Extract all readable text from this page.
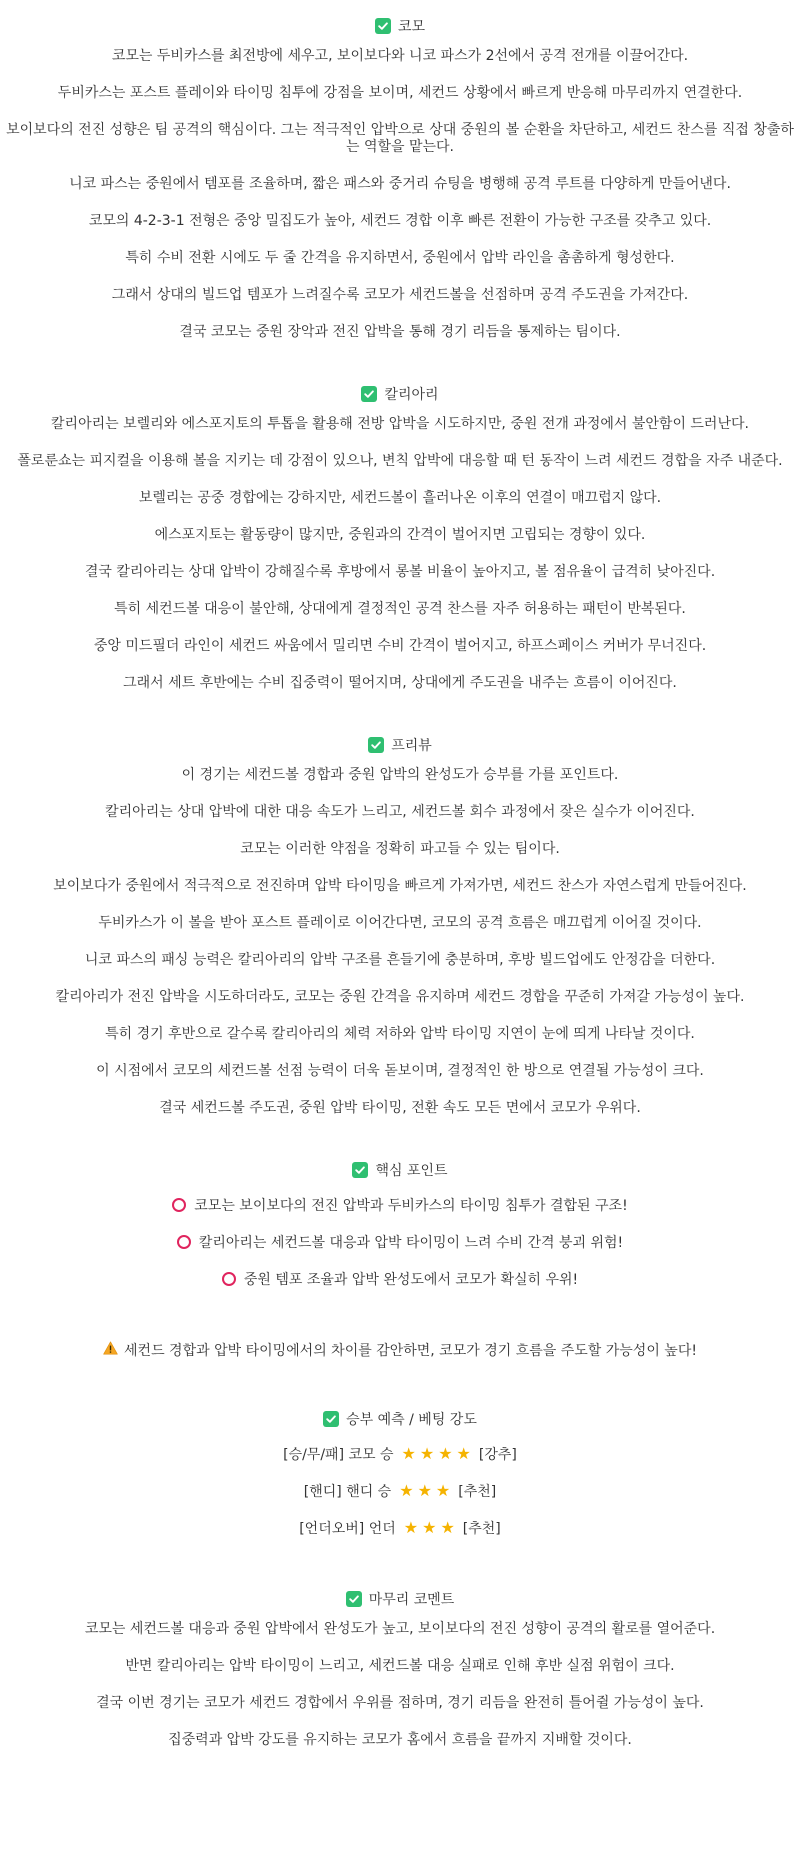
코모

코모는 두비카스를 최전방에 세우고, 보이보다와 니코 파스가 2선에서 공격 전개를 이끌어간다.

두비카스는 포스트 플레이와 타이밍 침투에 강점을 보이며, 세컨드 상황에서 빠르게 반응해 마무리까지 연결한다.

보이보다의 전진 성향은 팀 공격의 핵심이다. 그는 적극적인 압박으로 상대 중원의 볼 순환을 차단하고, 세컨드 찬스를 직접 창출하는 역할을 맡는다.

니코 파스는 중원에서 템포를 조율하며, 짧은 패스와 중거리 슈팅을 병행해 공격 루트를 다양하게 만들어낸다.

코모의 4-2-3-1 전형은 중앙 밀집도가 높아, 세컨드 경합 이후 빠른 전환이 가능한 구조를 갖추고 있다.

특히 수비 전환 시에도 두 줄 간격을 유지하면서, 중원에서 압박 라인을 촘촘하게 형성한다.

그래서 상대의 빌드업 템포가 느려질수록 코모가 세컨드볼을 선점하며 공격 주도권을 가져간다.

결국 코모는 중원 장악과 전진 압박을 통해 경기 리듬을 통제하는 팀이다.

칼리아리

칼리아리는 보렐리와 에스포지토의 투톱을 활용해 전방 압박을 시도하지만, 중원 전개 과정에서 불안함이 드러난다.

폴로룬쇼는 피지컬을 이용해 볼을 지키는 데 강점이 있으나, 변칙 압박에 대응할 때 턴 동작이 느려 세컨드 경합을 자주 내준다.

보렐리는 공중 경합에는 강하지만, 세컨드볼이 흘러나온 이후의 연결이 매끄럽지 않다.

에스포지토는 활동량이 많지만, 중원과의 간격이 벌어지면 고립되는 경향이 있다.

결국 칼리아리는 상대 압박이 강해질수록 후방에서 롱볼 비율이 높아지고, 볼 점유율이 급격히 낮아진다.

특히 세컨드볼 대응이 불안해, 상대에게 결정적인 공격 찬스를 자주 허용하는 패턴이 반복된다.

중앙 미드필더 라인이 세컨드 싸움에서 밀리면 수비 간격이 벌어지고, 하프스페이스 커버가 무너진다.

그래서 세트 후반에는 수비 집중력이 떨어지며, 상대에게 주도권을 내주는 흐름이 이어진다.

프리뷰

이 경기는 세컨드볼 경합과 중원 압박의 완성도가 승부를 가를 포인트다.

칼리아리는 상대 압박에 대한 대응 속도가 느리고, 세컨드볼 회수 과정에서 잦은 실수가 이어진다.

코모는 이러한 약점을 정확히 파고들 수 있는 팀이다.

보이보다가 중원에서 적극적으로 전진하며 압박 타이밍을 빠르게 가져가면, 세컨드 찬스가 자연스럽게 만들어진다.

두비카스가 이 볼을 받아 포스트 플레이로 이어간다면, 코모의 공격 흐름은 매끄럽게 이어질 것이다.

니코 파스의 패싱 능력은 칼리아리의 압박 구조를 흔들기에 충분하며, 후방 빌드업에도 안정감을 더한다.

칼리아리가 전진 압박을 시도하더라도, 코모는 중원 간격을 유지하며 세컨드 경합을 꾸준히 가져갈 가능성이 높다.

특히 경기 후반으로 갈수록 칼리아리의 체력 저하와 압박 타이밍 지연이 눈에 띄게 나타날 것이다.

이 시점에서 코모의 세컨드볼 선점 능력이 더욱 돋보이며, 결정적인 한 방으로 연결될 가능성이 크다.

결국 세컨드볼 주도권, 중원 압박 타이밍, 전환 속도 모든 면에서 코모가 우위다.

핵심 포인트
코모는 보이보다의 전진 압박과 두비카스의 타이밍 침투가 결합된 구조!
칼리아리는 세컨드볼 대응과 압박 타이밍이 느려 수비 간격 붕괴 위험!
중원 템포 조율과 압박 완성도에서 코모가 확실히 우위!
세컨드 경합과 압박 타이밍에서의 차이를 감안하면, 코모가 경기 흐름을 주도할 가능성이 높다!
승부 예측 / 베팅 강도
[승/무/패] 코모 승 ★ ★ ★ ★ [강추]
[핸디] 핸디 승 ★ ★ ★ [추천]
[언더오버] 언더 ★ ★ ★ [추천]
마무리 코멘트

코모는 세컨드볼 대응과 중원 압박에서 완성도가 높고, 보이보다의 전진 성향이 공격의 활로를 열어준다.

반면 칼리아리는 압박 타이밍이 느리고, 세컨드볼 대응 실패로 인해 후반 실점 위험이 크다.

결국 이번 경기는 코모가 세컨드 경합에서 우위를 점하며, 경기 리듬을 완전히 틀어쥘 가능성이 높다.

집중력과 압박 강도를 유지하는 코모가 홈에서 흐름을 끝까지 지배할 것이다.
